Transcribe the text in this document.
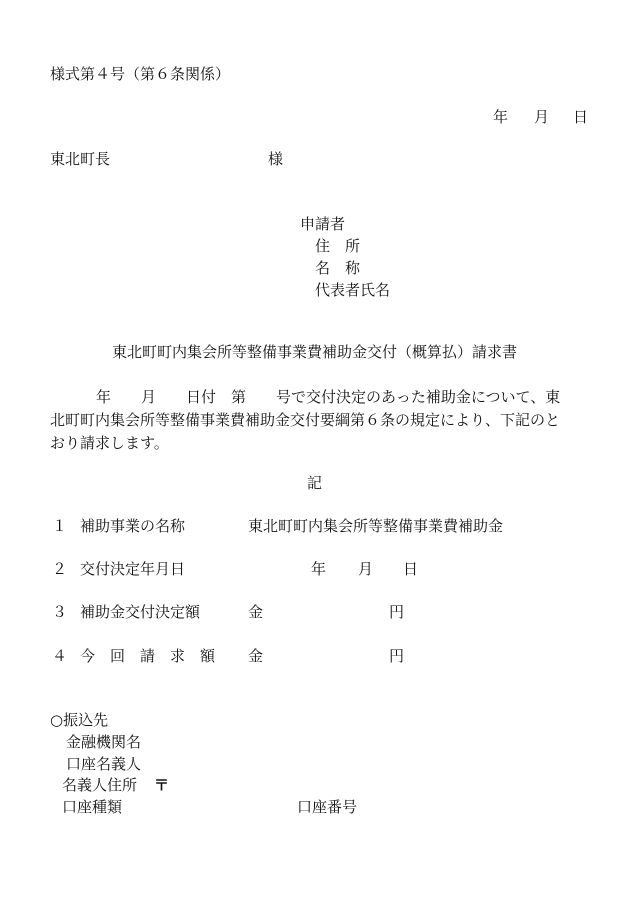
様式第４号（第６条関係）
年 月 日
東北町長	様
申請者
住　所
名　称
代表者氏名
東北町町内集会所等整備事業費補助金交付（概算払）請求書
年　　月　　日付　第　　号で交付決定のあった補助金について、東
北町町内集会所等整備事業費補助金交付要綱第６条の規定により、下記のと
おり請求します。
記
１ 補助事業の名称	東北町町内集会所等整備事業費補助金
２ 交付決定年月日	年 月 日
３ 補助金交付決定額	金	円
４ 今　回　請　求　額 金	円
○振込先
金融機関名
口座名義人
名義人住所 〒
口座種類	口座番号
